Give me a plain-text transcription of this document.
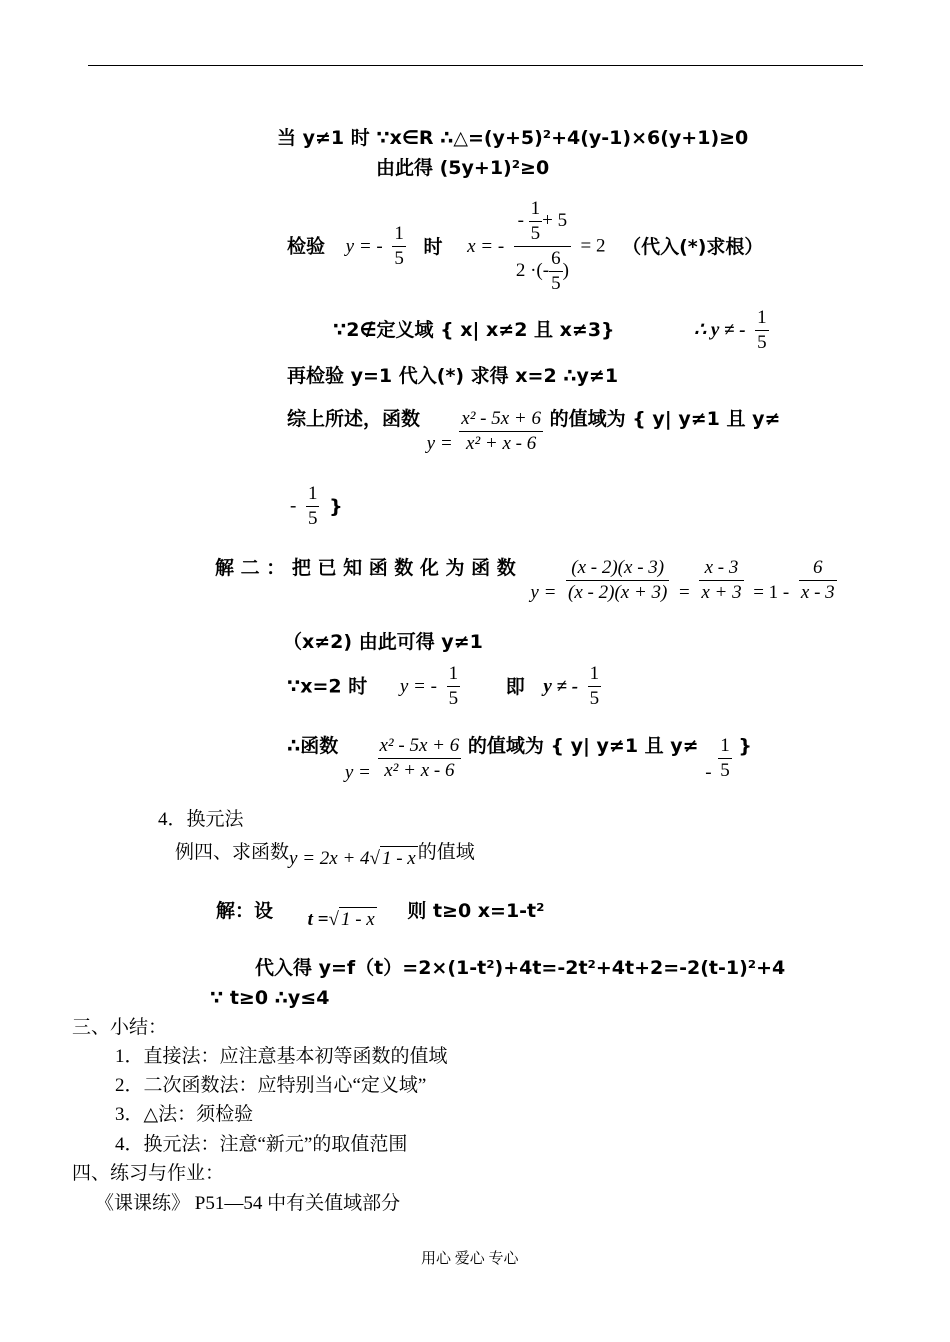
当 y≠1 时 ∵x∈R ∴△=(y+5)²+4(y-1)×6(y+1)≥0
由此得 (5y+1)²≥0
检验 y = - $\frac{1}{5}$ 时 x = - $\frac{- \frac{1}{5} + 5}{2 \cdot(- \frac{6}{5} )} = 2$ （代入(*)求根）
∵2∉定义域 { x| x≠2 且 x≠3}	∴ y ≠ - $\frac{1}{5}$
再检验 y=1 代入(*) 求得 x=2 ∴y≠1
综上所述，函数 $y = \frac{\text{x² - 5x + 6}}{\text{x² + x - 6}}$ 的值域为 { y| y≠1 且 y≠
- $\frac{1}{5}$ }
解 二 ： 把 已 知 函 数 化 为 函 数 $y = \frac{(x - 2)(x - 3)}{(x - 2)(x + 3)} = \frac{x - 3}{x + 3} = 1 - \frac{6}{x - 3}$
（x≠2) 由此可得 y≠1
∵x=2 时 y = - $\frac{1}{5}$ 即 y ≠ - $\frac{1}{5}$
∴函数 $y = \frac{\text{x² - 5x + 6}}{\text{x² + x - 6}}$ 的值域为 { y| y≠1 且 $y\ne - \frac{1}{5}$ }
4．换元法
例四、求函数y = 2x + 4√ 1 - x 的值域
解：设 t =√ 1 - x 则 t≥0 x=1-t²
代入得 y=f（t）=2×(1-t²)+4t=-2t²+4t+2=-2(t-1)²+4
∵ t≥0 ∴y≤4
三、小结：
1．直接法：应注意基本初等函数的值域
2．二次函数法：应特别当心“定义域”
3．△法：须检验
4．换元法：注意“新元”的取值范围
四、练习与作业：
《课课练》 P51—54 中有关值域部分
用心 爱心 专心
